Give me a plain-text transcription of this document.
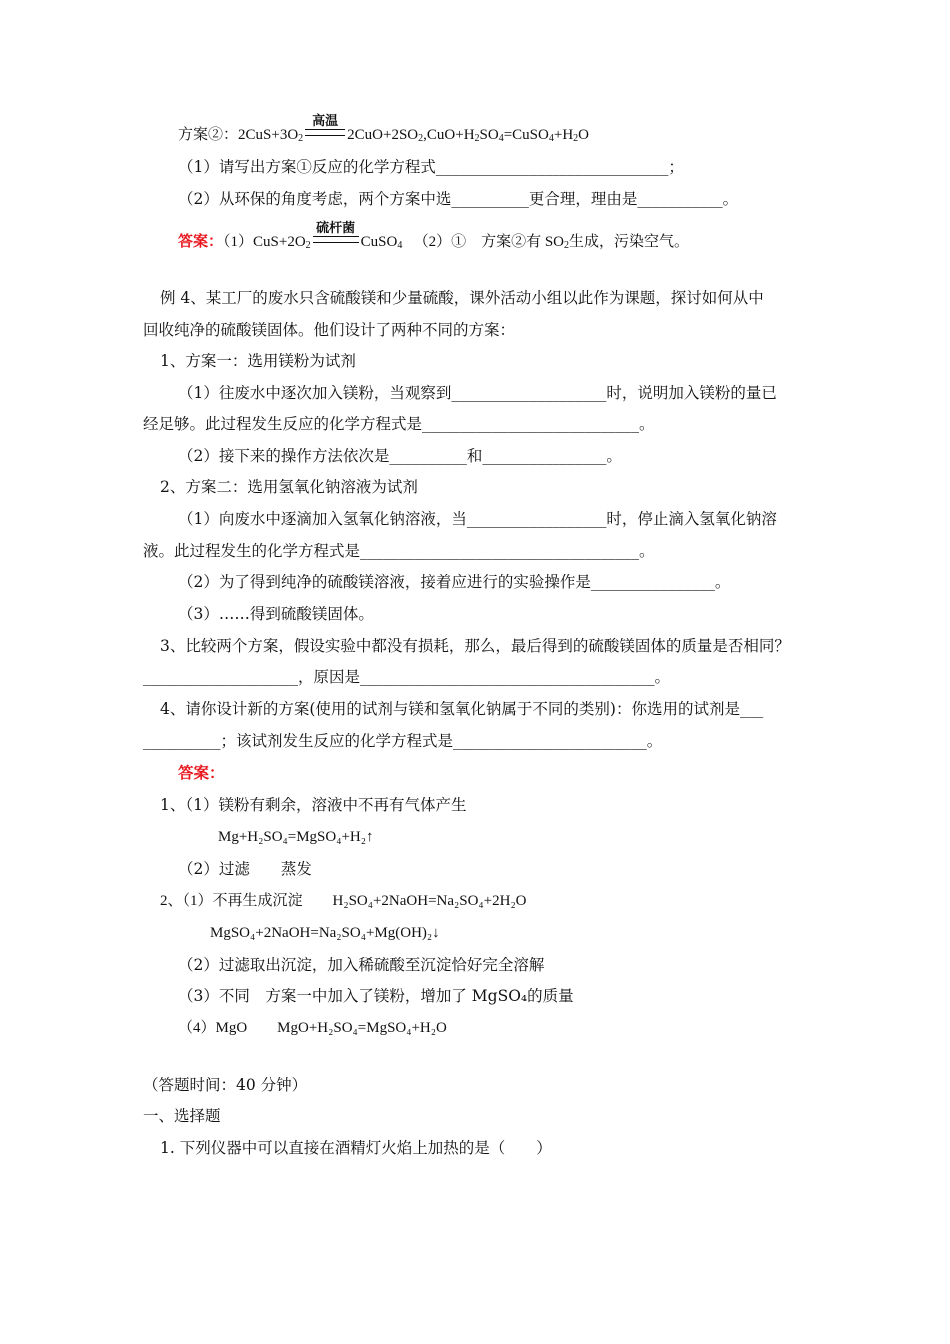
方案②：$2CuS+3O_2$
高温
$2CuO+2SO_2,CuO+H_2SO_4=CuSO_4+H_2O$
（1）请写出方案①反应的化学方程式______________________________；
（2）从环保的角度考虑，两个方案中选__________更合理，理由是___________。
答案：$(1)CuS+2O_2$
硫杆菌
CuSO$_4$ （2）①　方案②有 $SO_2$生成，污染空气。
例 4、某工厂的废水只含硫酸镁和少量硫酸，课外活动小组以此作为课题，探讨如何从中
回收纯净的硫酸镁固体。他们设计了两种不同的方案：
1、方案一：选用镁粉为试剂
（1）往废水中逐次加入镁粉，当观察到____________________时，说明加入镁粉的量已
经足够。此过程发生反应的化学方程式是____________________________。
（2）接下来的操作方法依次是__________和________________。
2、方案二：选用氢氧化钠溶液为试剂
（1）向废水中逐滴加入氢氧化钠溶液，当__________________时，停止滴入氢氧化钠溶
液。此过程发生的化学方程式是____________________________________。
（2）为了得到纯净的硫酸镁溶液，接着应进行的实验操作是________________。
（3）……得到硫酸镁固体。
3、比较两个方案，假设实验中都没有损耗，那么，最后得到的硫酸镁固体的质量是否相同？
____________________，原因是______________________________________。
4、请你设计新的方案(使用的试剂与镁和氢氧化钠属于不同的类别)：你选用的试剂是___
__________；该试剂发生反应的化学方程式是_________________________。
答案：
1、（1）镁粉有剩余，溶液中不再有气体产生
Mg+H₂SO₄=MgSO₄+H₂↑
（2）过滤　　蒸发
2、（1）不再生成沉淀　　H₂SO₄+2NaOH=Na₂SO₄+2H₂O
MgSO₄+2NaOH=Na₂SO₄+Mg(OH)₂↓
（2）过滤取出沉淀，加入稀硫酸至沉淀恰好完全溶解
（3）不同　方案一中加入了镁粉，增加了 MgSO₄的质量
（4）MgO　　MgO+H₂SO₄=MgSO₄+H₂O
（答题时间：40 分钟）
一、选择题
1. 下列仪器中可以直接在酒精灯火焰上加热的是（　　）
